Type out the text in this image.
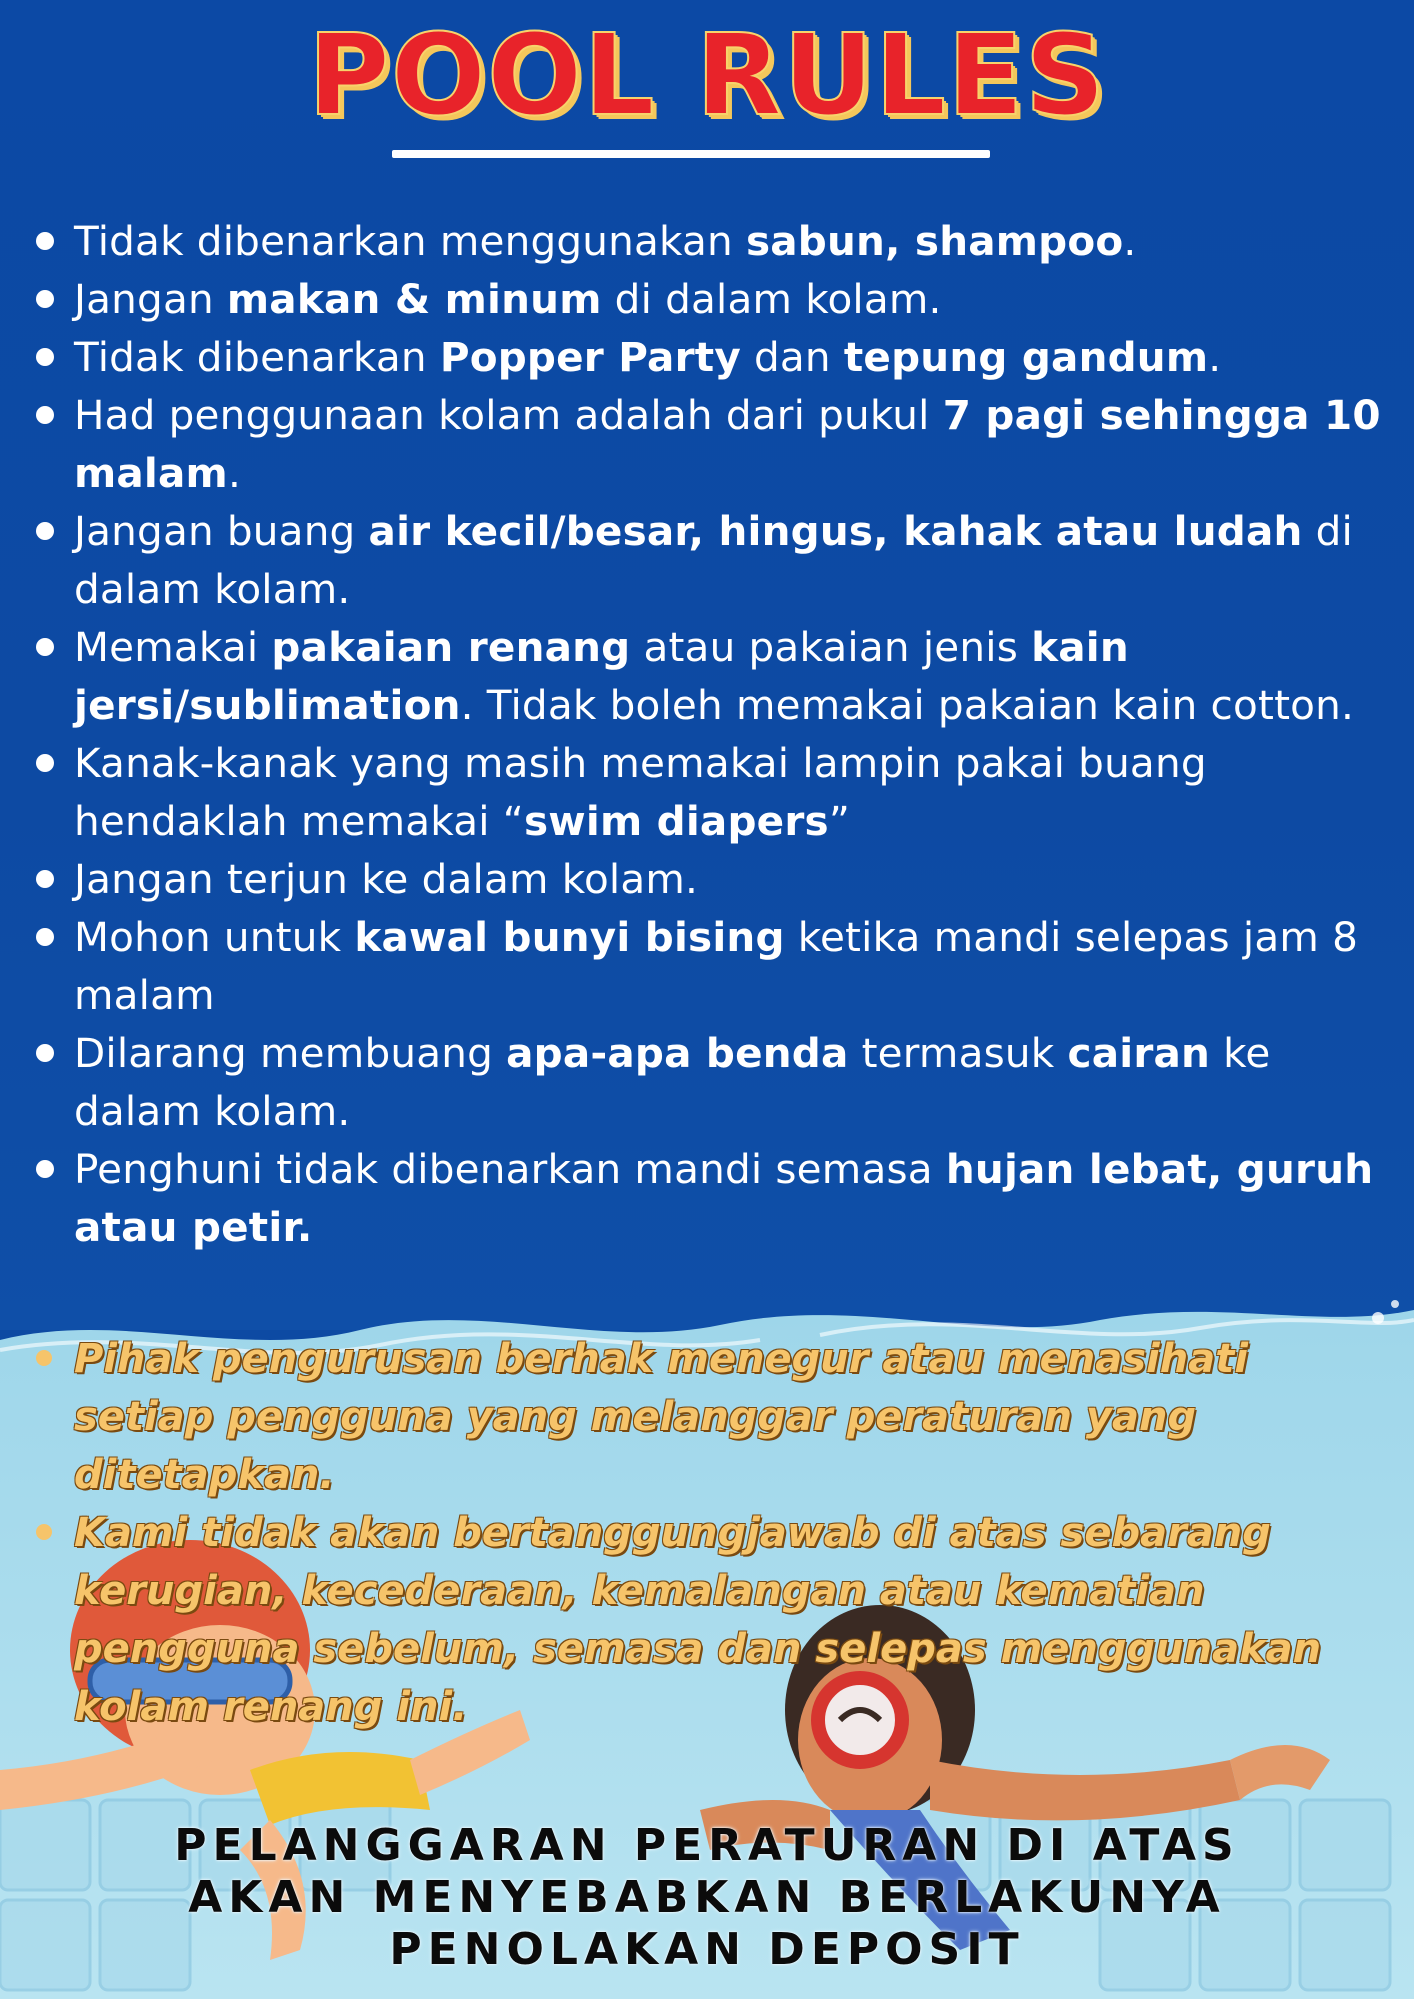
POOL RULES
Tidak dibenarkan menggunakan sabun, shampoo.
Jangan makan & minum di dalam kolam.
Tidak dibenarkan Popper Party dan tepung gandum.
Had penggunaan kolam adalah dari pukul 7 pagi sehingga 10 malam.
Jangan buang air kecil/besar, hingus, kahak atau ludah di dalam kolam.
Memakai pakaian renang atau pakaian jenis kain jersi/sublimation. Tidak boleh memakai pakaian kain cotton.
Kanak-kanak yang masih memakai lampin pakai buang hendaklah memakai “swim diapers”
Jangan terjun ke dalam kolam.
Mohon untuk kawal bunyi bising ketika mandi selepas jam 8 malam
Dilarang membuang apa-apa benda termasuk cairan ke dalam kolam.
Penghuni tidak dibenarkan mandi semasa hujan lebat, guruh atau petir.
Pihak pengurusan berhak menegur atau menasihati setiap pengguna yang melanggar peraturan yang ditetapkan.
Kami tidak akan bertanggungjawab di atas sebarang kerugian, kecederaan, kemalangan atau kematian pengguna sebelum, semasa dan selepas menggunakan kolam renang ini.
PELANGGARAN PERATURAN DI ATAS
AKAN MENYEBABKAN BERLAKUNYA
PENOLAKAN DEPOSIT
